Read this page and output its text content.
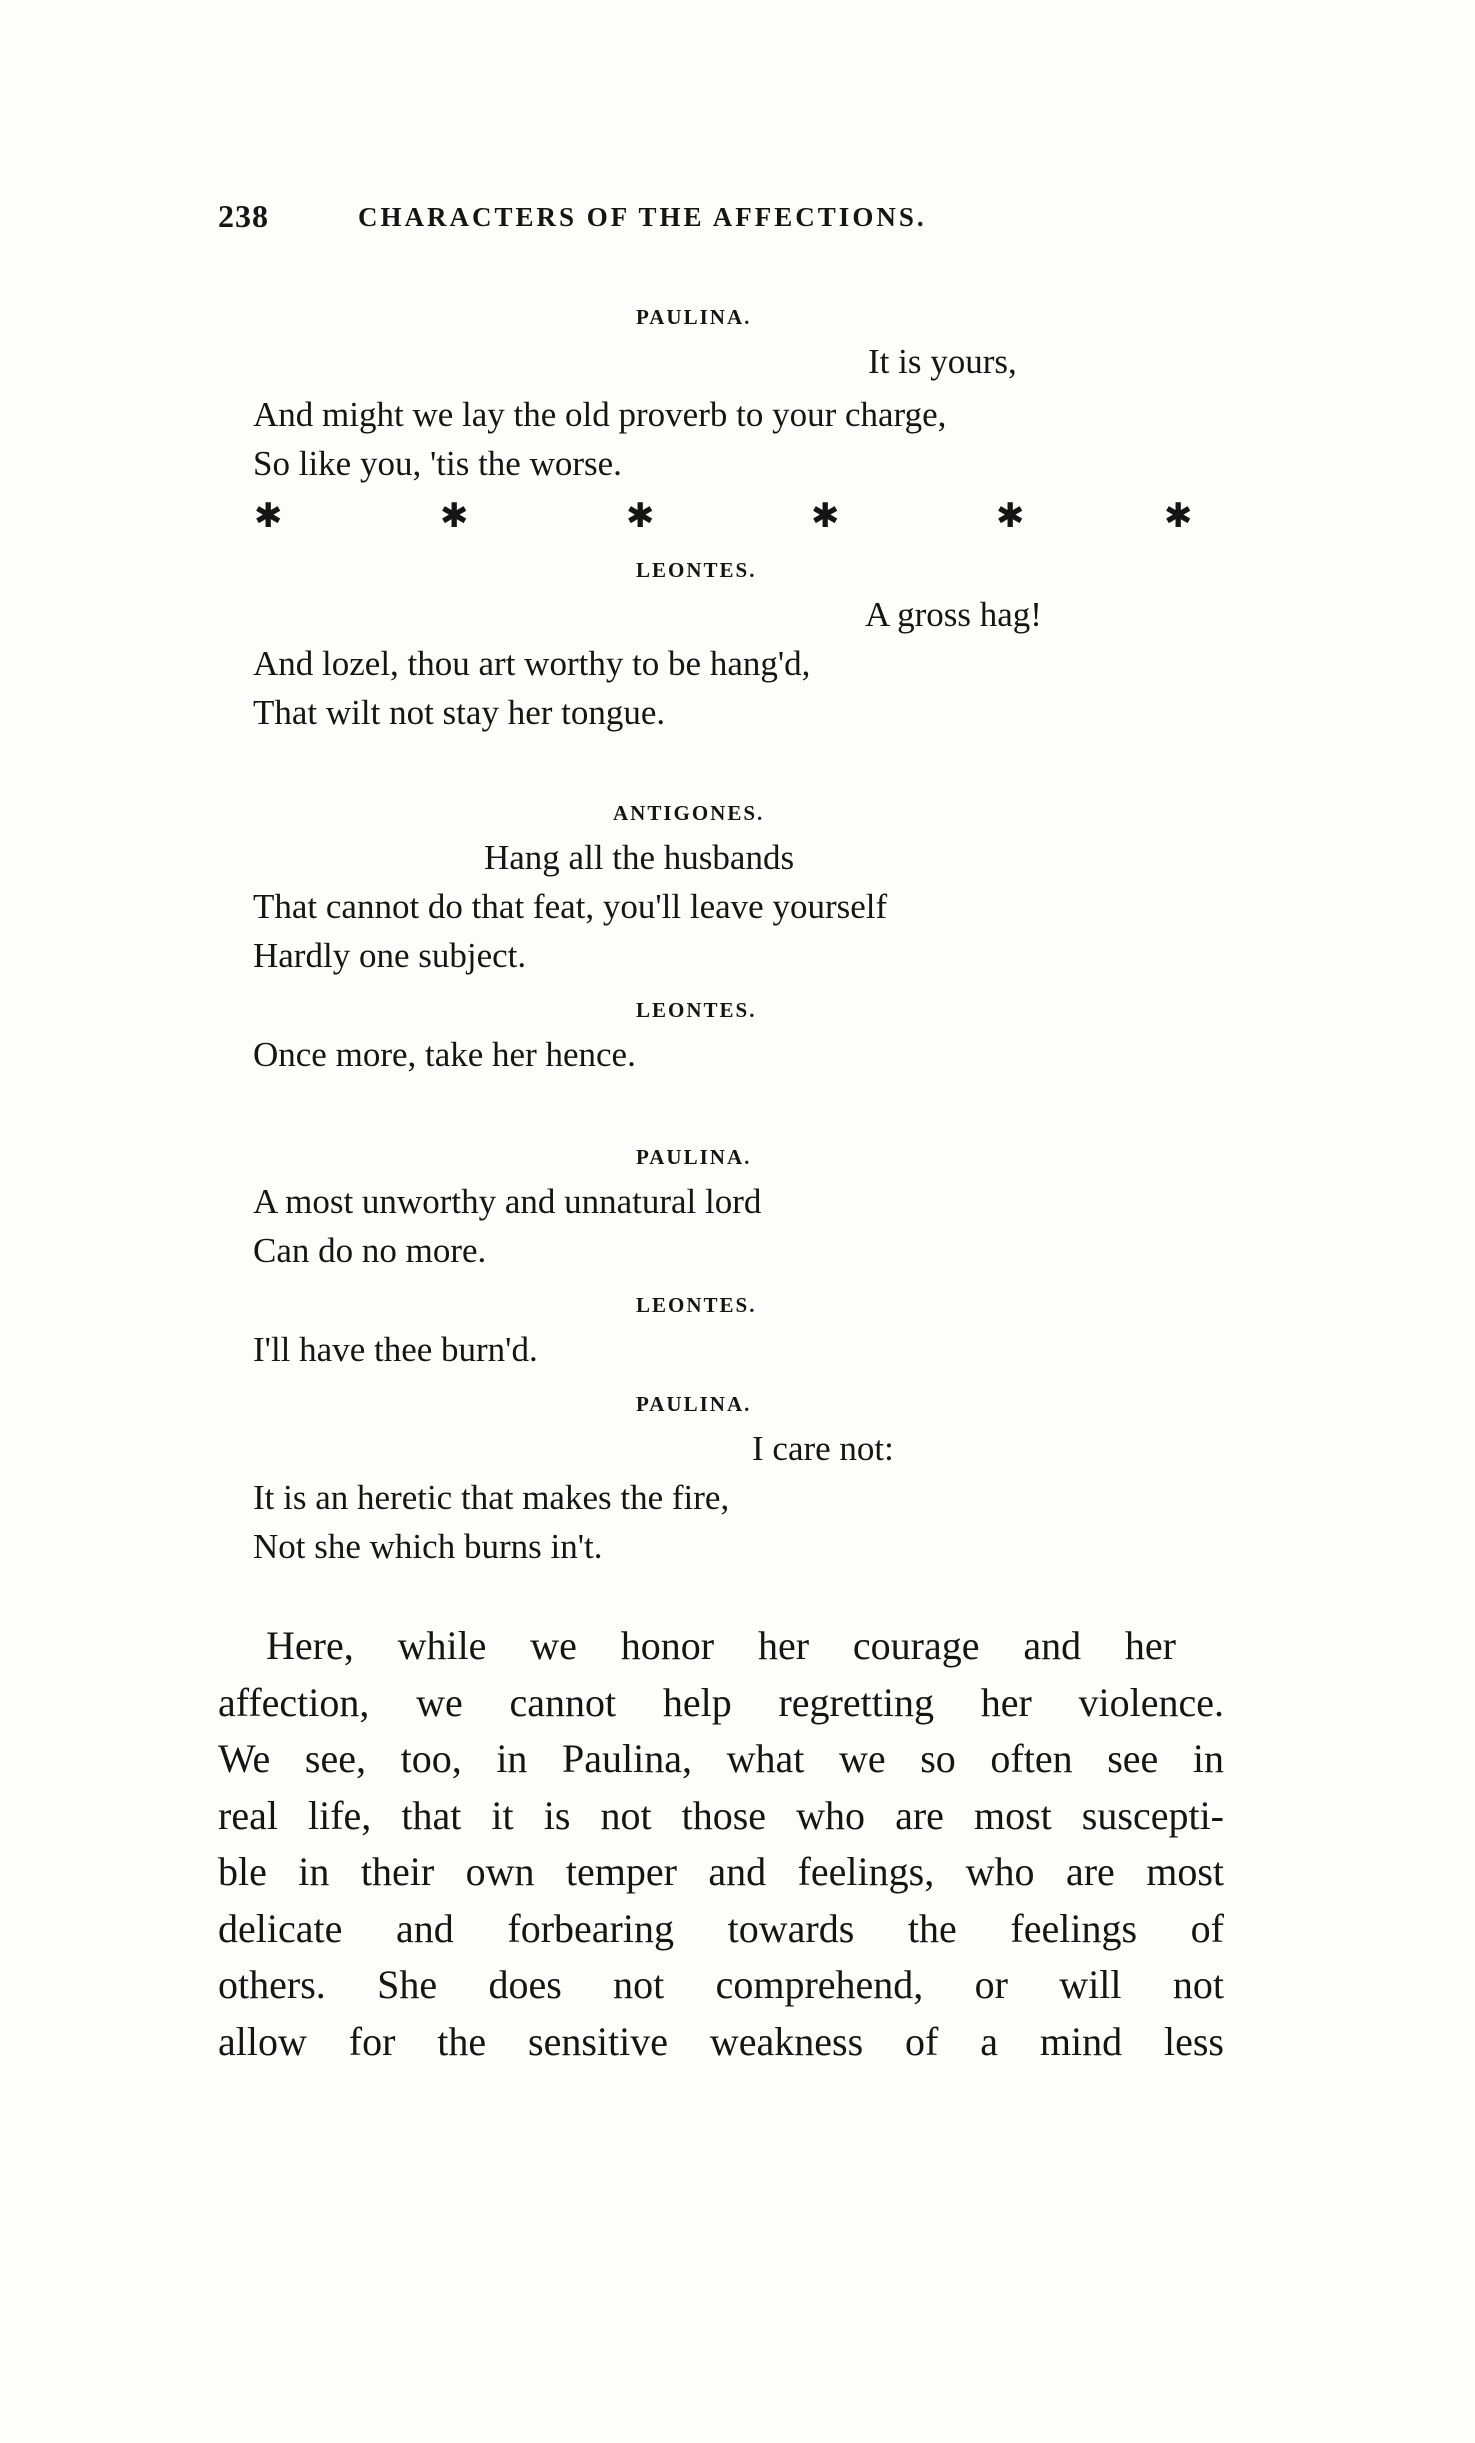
238	CHARACTERS OF THE AFFECTIONS.
PAULINA.
It is yours,
And might we lay the old proverb to your charge,
So like you, 'tis the worse.
✱	✱	✱	✱	✱	✱
LEONTES.
A gross hag!
And lozel, thou art worthy to be hang'd,
That wilt not stay her tongue.
ANTIGONES.
Hang all the husbands
That cannot do that feat, you'll leave yourself
Hardly one subject.
LEONTES.
Once more, take her hence.
PAULINA.
A most unworthy and unnatural lord
Can do no more.
LEONTES.
I'll have thee burn'd.
PAULINA.
I care not:
It is an heretic that makes the fire,
Not she which burns in't.
Here, while we honor her courage and her
affection, we cannot help regretting her violence.
We see, too, in Paulina, what we so often see in
real life, that it is not those who are most suscepti-
ble in their own temper and feelings, who are most
delicate and forbearing towards the feelings of
others. She does not comprehend, or will not
allow for the sensitive weakness of a mind less
